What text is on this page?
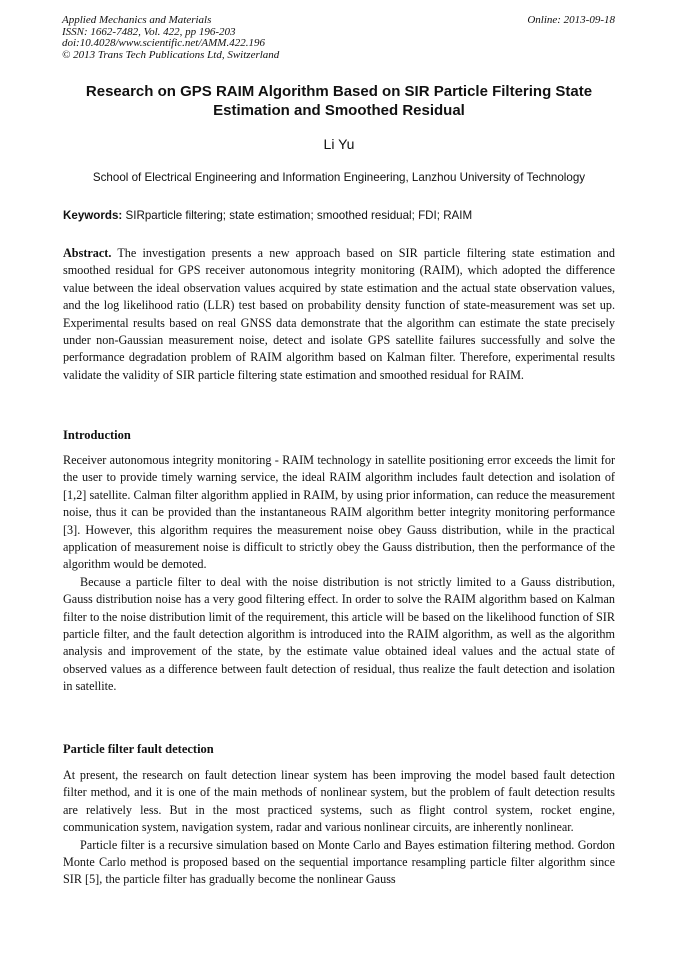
Applied Mechanics and Materials
ISSN: 1662-7482, Vol. 422, pp 196-203
doi:10.4028/www.scientific.net/AMM.422.196
© 2013 Trans Tech Publications Ltd, Switzerland
Online: 2013-09-18
Research on GPS RAIM Algorithm Based on SIR Particle Filtering State Estimation and Smoothed Residual
Li Yu
School of Electrical Engineering and Information Engineering, Lanzhou University of Technology
Keywords: SIRparticle filtering; state estimation; smoothed residual; FDI; RAIM

Abstract. The investigation presents a new approach based on SIR particle filtering state estimation and smoothed residual for GPS receiver autonomous integrity monitoring (RAIM), which adopted the difference value between the ideal observation values acquired by state estimation and the actual state observation values, and the log likelihood ratio (LLR) test based on probability density function of state-measurement was set up. Experimental results based on real GNSS data demonstrate that the algorithm can estimate the state precisely under non-Gaussian measurement noise, detect and isolate GPS satellite failures successfully and solve the performance degradation problem of RAIM algorithm based on Kalman filter. Therefore, experimental results validate the validity of SIR particle filtering state estimation and smoothed residual for RAIM.

Introduction

Receiver autonomous integrity monitoring - RAIM technology in satellite positioning error exceeds the limit for the user to provide timely warning service, the ideal RAIM algorithm includes fault detection and isolation of [1,2] satellite. Calman filter algorithm applied in RAIM, by using prior information, can reduce the measurement noise, thus it can be provided than the instantaneous RAIM algorithm better integrity monitoring performance [3]. However, this algorithm requires the measurement noise obey Gauss distribution, while in the practical application of measurement noise is difficult to strictly obey the Gauss distribution, then the performance of the algorithm would be demoted.

Because a particle filter to deal with the noise distribution is not strictly limited to a Gauss distribution, Gauss distribution noise has a very good filtering effect. In order to solve the RAIM algorithm based on Kalman filter to the noise distribution limit of the requirement, this article will be based on the likelihood function of SIR particle filter, and the fault detection algorithm is introduced into the RAIM algorithm, as well as the algorithm analysis and improvement of the state, by the estimate value obtained ideal values and the actual state of observed values as a difference between fault detection of residual, thus realize the fault detection and isolation in satellite.

Particle filter fault detection

At present, the research on fault detection linear system has been improving the model based fault detection filter method, and it is one of the main methods of nonlinear system, but the problem of fault detection results are relatively less. But in the most practiced systems, such as flight control system, rocket engine, communication system, navigation system, radar and various nonlinear circuits, are inherently nonlinear.

Particle filter is a recursive simulation based on Monte Carlo and Bayes estimation filtering method. Gordon Monte Carlo method is proposed based on the sequential importance resampling particle filter algorithm since SIR [5], the particle filter has gradually become the nonlinear Gauss
